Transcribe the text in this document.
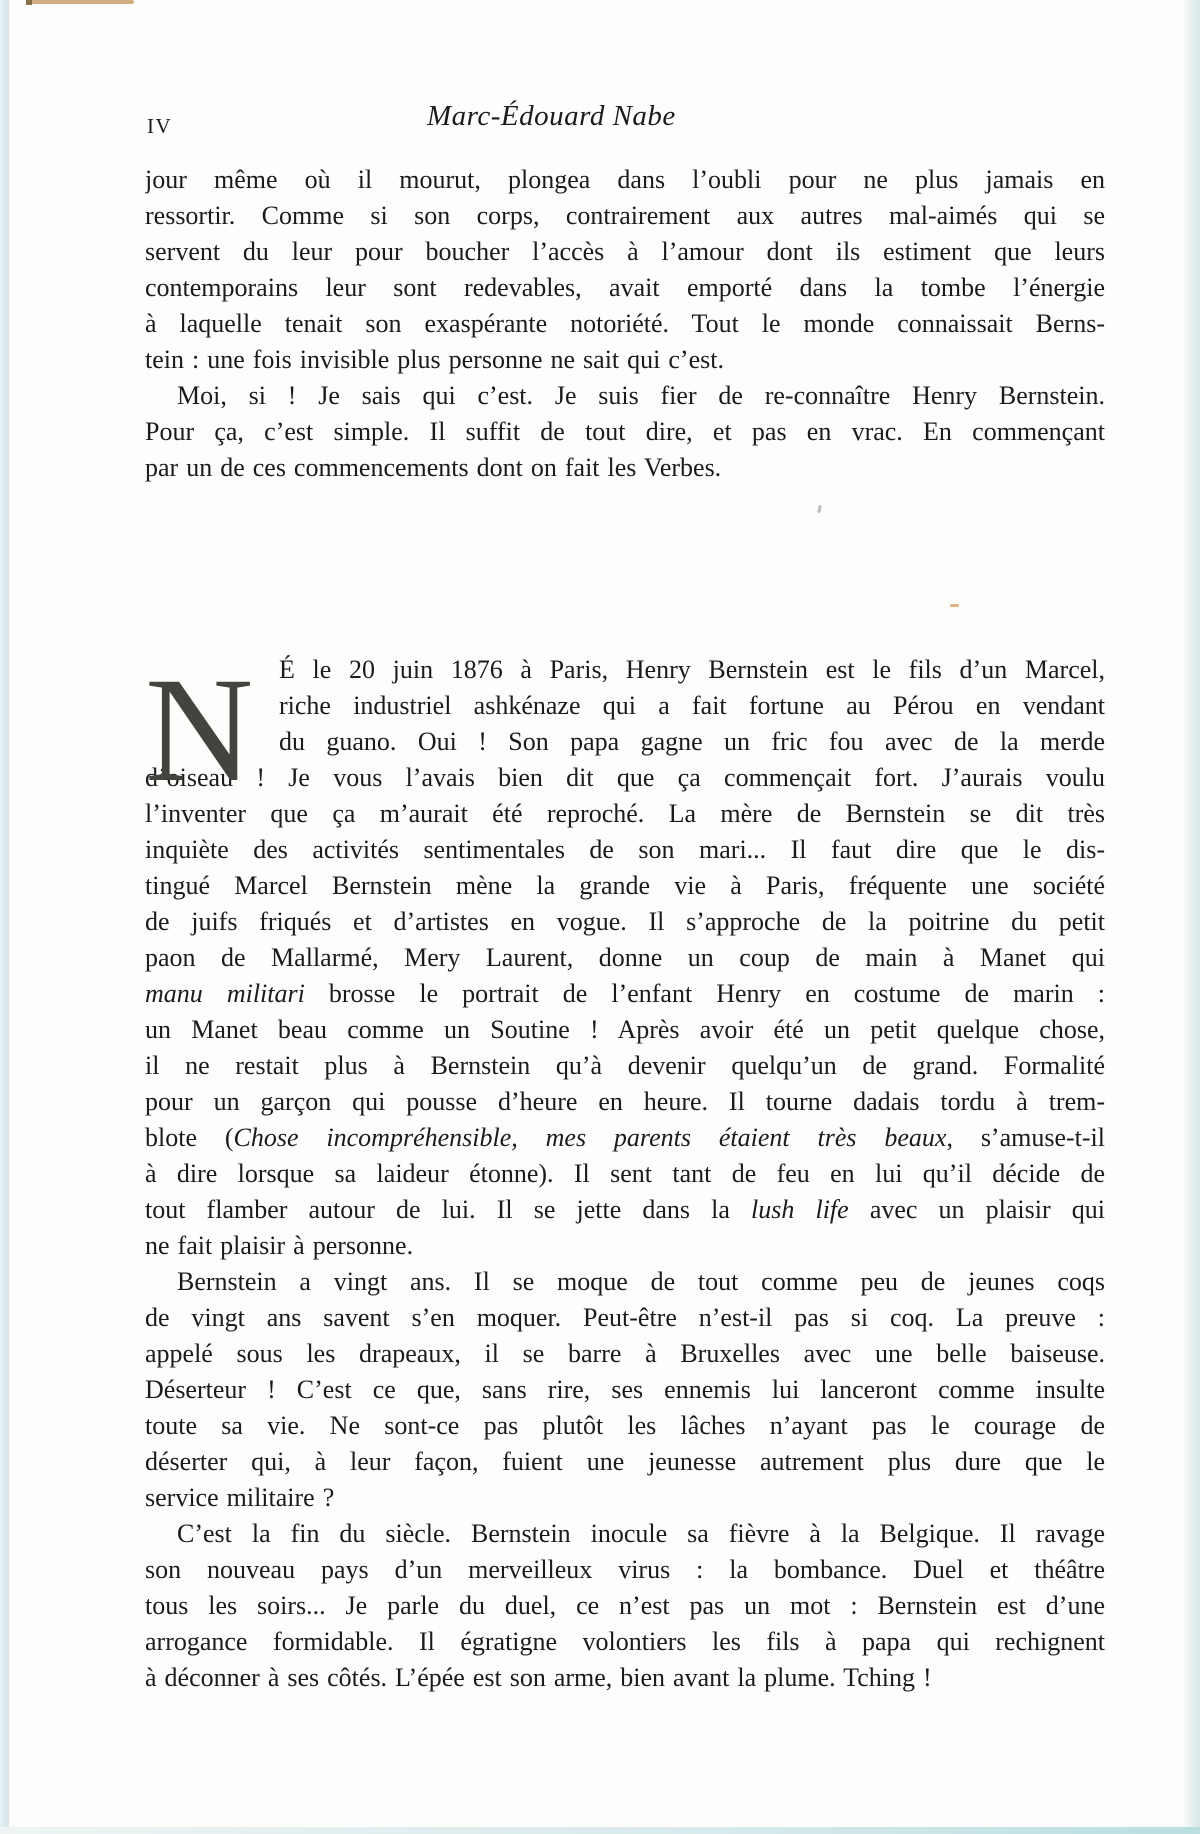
IV	Marc-Édouard Nabe
jour même où il mourut, plongea dans l’oubli pour ne plus jamais en
ressortir. Comme si son corps, contrairement aux autres mal-aimés qui se
servent du leur pour boucher l’accès à l’amour dont ils estiment que leurs
contemporains leur sont redevables, avait emporté dans la tombe l’énergie
à laquelle tenait son exaspérante notoriété. Tout le monde connaissait Berns-
tein : une fois invisible plus personne ne sait qui c’est.
Moi, si ! Je sais qui c’est. Je suis fier de re-connaître Henry Bernstein.
Pour ça, c’est simple. Il suffit de tout dire, et pas en vrac. En commençant
par un de ces commencements dont on fait les Verbes.
N É le 20 juin 1876 à Paris, Henry Bernstein est le fils d’un Marcel,
riche industriel ashkénaze qui a fait fortune au Pérou en vendant
du guano. Oui ! Son papa gagne un fric fou avec de la merde
d’oiseau ! Je vous l’avais bien dit que ça commençait fort. J’aurais voulu
l’inventer que ça m’aurait été reproché. La mère de Bernstein se dit très
inquiète des activités sentimentales de son mari... Il faut dire que le dis-
tingué Marcel Bernstein mène la grande vie à Paris, fréquente une société
de juifs friqués et d’artistes en vogue. Il s’approche de la poitrine du petit
paon de Mallarmé, Mery Laurent, donne un coup de main à Manet qui
manu militari brosse le portrait de l’enfant Henry en costume de marin :
un Manet beau comme un Soutine ! Après avoir été un petit quelque chose,
il ne restait plus à Bernstein qu’à devenir quelqu’un de grand. Formalité
pour un garçon qui pousse d’heure en heure. Il tourne dadais tordu à trem-
blote (Chose incompréhensible, mes parents étaient très beaux, s’amuse-t-il
à dire lorsque sa laideur étonne). Il sent tant de feu en lui qu’il décide de
tout flamber autour de lui. Il se jette dans la lush life avec un plaisir qui
ne fait plaisir à personne.
Bernstein a vingt ans. Il se moque de tout comme peu de jeunes coqs
de vingt ans savent s’en moquer. Peut-être n’est-il pas si coq. La preuve :
appelé sous les drapeaux, il se barre à Bruxelles avec une belle baiseuse.
Déserteur ! C’est ce que, sans rire, ses ennemis lui lanceront comme insulte
toute sa vie. Ne sont-ce pas plutôt les lâches n’ayant pas le courage de
déserter qui, à leur façon, fuient une jeunesse autrement plus dure que le
service militaire ?
C’est la fin du siècle. Bernstein inocule sa fièvre à la Belgique. Il ravage
son nouveau pays d’un merveilleux virus : la bombance. Duel et théâtre
tous les soirs... Je parle du duel, ce n’est pas un mot : Bernstein est d’une
arrogance formidable. Il égratigne volontiers les fils à papa qui rechignent
à déconner à ses côtés. L’épée est son arme, bien avant la plume. Tching !
